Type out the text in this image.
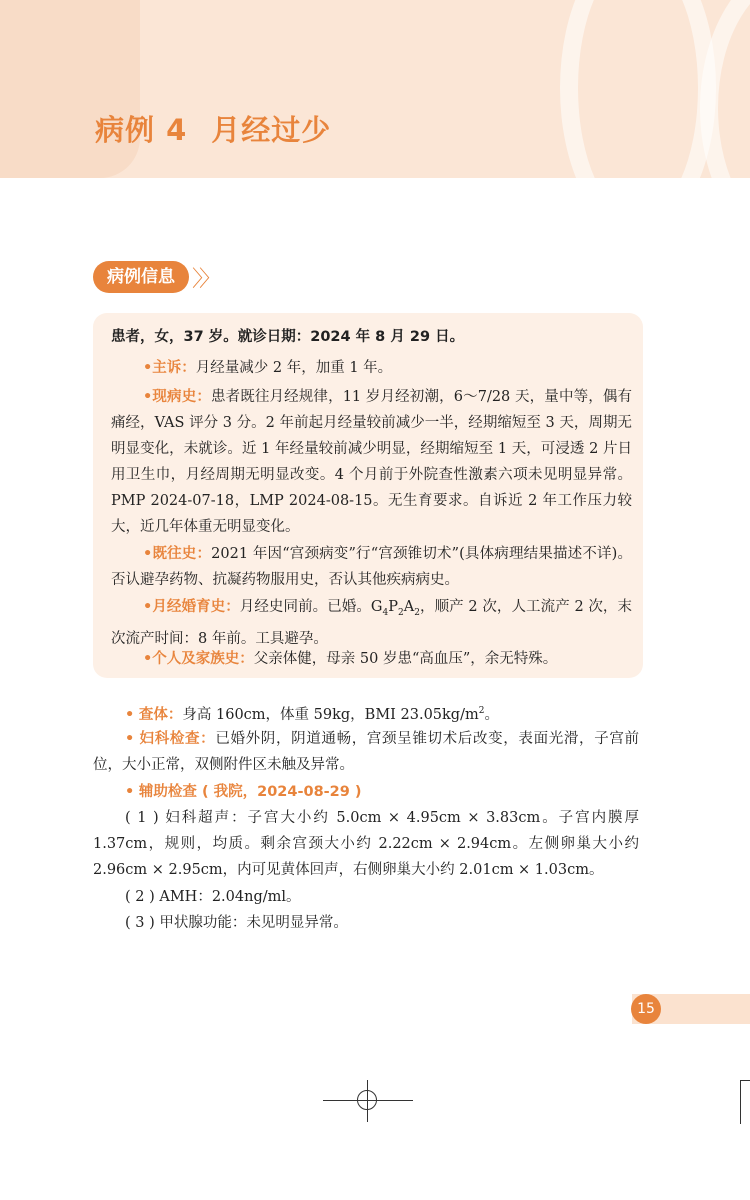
病例 4 月经过少
病例信息 〉〉
患者，女，37 岁。就诊日期：2024 年 8 月 29 日。
•主诉：月经量减少 2 年，加重 1 年。
•现病史：患者既往月经规律，11 岁月经初潮，6～7/28 天，量中等，偶有痛经，VAS 评分 3 分。2 年前起月经量较前减少一半，经期缩短至 3 天，周期无明显变化，未就诊。近 1 年经量较前减少明显，经期缩短至 1 天，可浸透 2 片日用卫生巾，月经周期无明显改变。4 个月前于外院查性激素六项未见明显异常。PMP 2024-07-18，LMP 2024-08-15。无生育要求。自诉近 2 年工作压力较大，近几年体重无明显变化。
•既往史：2021 年因“宫颈病变”行“宫颈锥切术”(具体病理结果描述不详)。否认避孕药物、抗凝药物服用史，否认其他疾病病史。
•月经婚育史：月经史同前。已婚。$G_4P_2A_2$，顺产 2 次，人工流产 2 次，末次流产时间：8 年前。工具避孕。
•个人及家族史：父亲体健，母亲 50 岁患“高血压”，余无特殊。
• 查体：身高 160cm，体重 59kg，BMI $23.05kg/m^2$。
• 妇科检查：已婚外阴，阴道通畅，宫颈呈锥切术后改变，表面光滑，子宫前位，大小正常，双侧附件区未触及异常。
• 辅助检查 ( 我院，2024-08-29 )
( 1 ) 妇科超声：子宫大小约 5.0cm × 4.95cm × 3.83cm。子宫内膜厚 1.37cm，规则，均质。剩余宫颈大小约 2.22cm × 2.94cm。左侧卵巢大小约 2.96cm × 2.95cm，内可见黄体回声，右侧卵巢大小约 2.01cm × 1.03cm。
( 2 ) AMH：2.04ng/ml。
( 3 ) 甲状腺功能：未见明显异常。
15
